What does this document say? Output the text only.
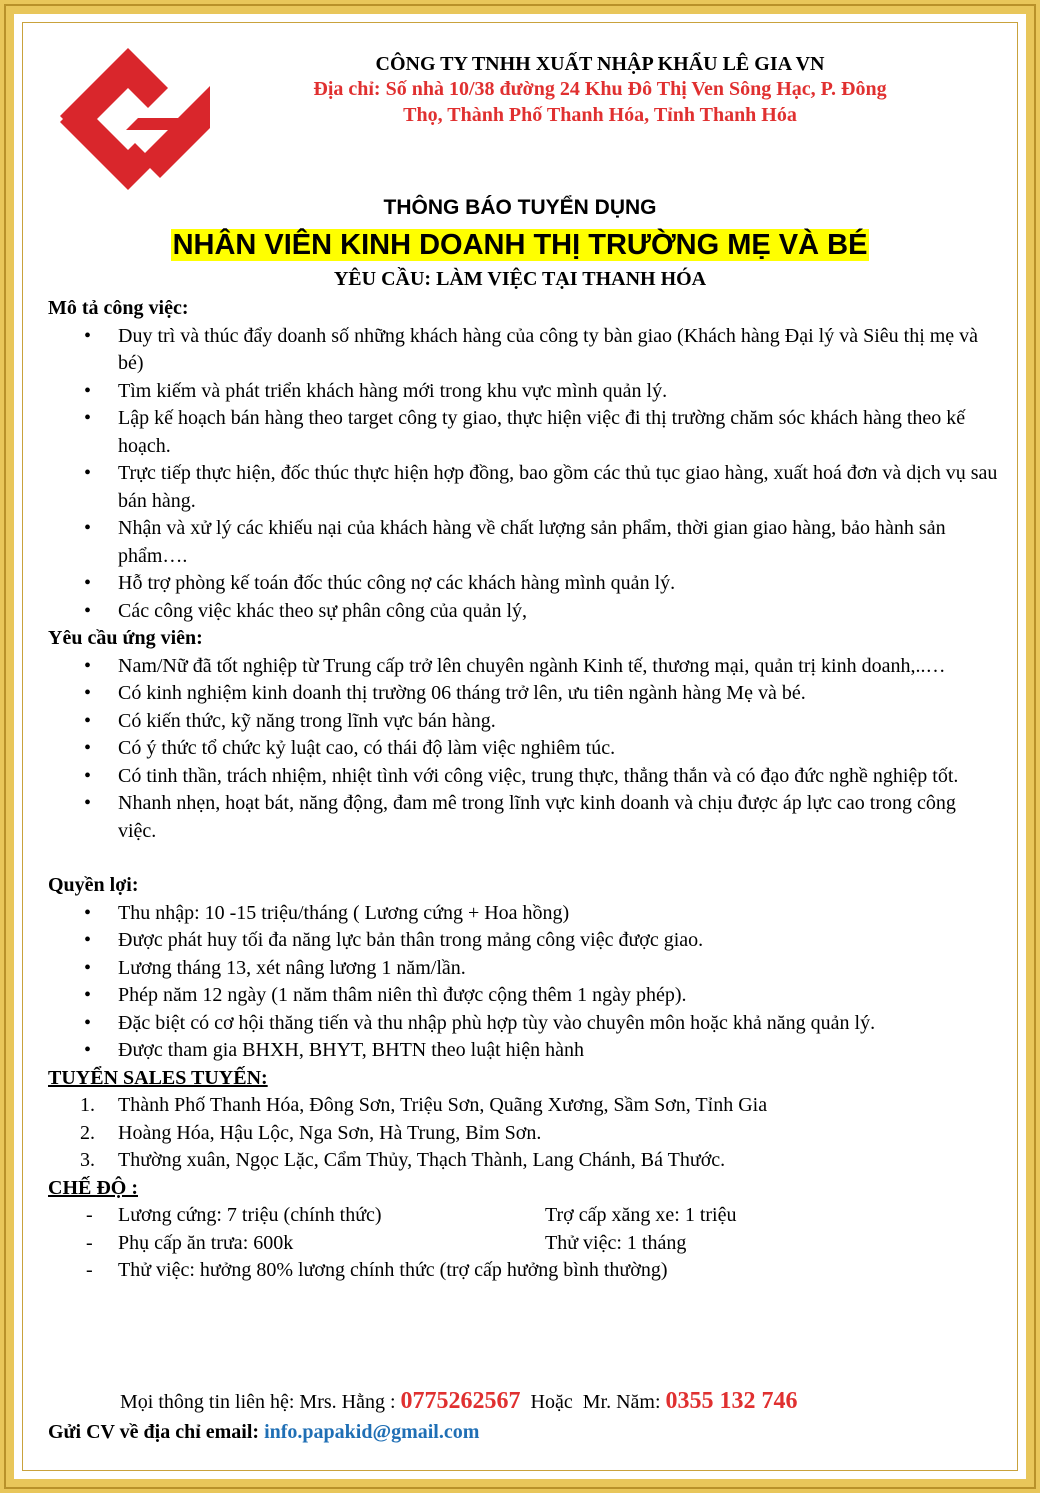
CÔNG TY TNHH XUẤT NHẬP KHẨU LÊ GIA VN
Địa chỉ: Số nhà 10/38 đường 24 Khu Đô Thị Ven Sông Hạc, P. Đông
Thọ, Thành Phố Thanh Hóa, Tỉnh Thanh Hóa
THÔNG BÁO TUYỂN DỤNG
NHÂN VIÊN KINH DOANH THỊ TRƯỜNG MẸ VÀ BÉ
YÊU CẦU: LÀM VIỆC TẠI THANH HÓA
Mô tả công việc:
• Duy trì và thúc đẩy doanh số những khách hàng của công ty bàn giao (Khách hàng Đại lý và Siêu thị mẹ và bé)
• Tìm kiếm và phát triển khách hàng mới trong khu vực mình quản lý.
• Lập kế hoạch bán hàng theo target công ty giao, thực hiện việc đi thị trường chăm sóc khách hàng theo kế hoạch.
• Trực tiếp thực hiện, đốc thúc thực hiện hợp đồng, bao gồm các thủ tục giao hàng, xuất hoá đơn và dịch vụ sau bán hàng.
• Nhận và xử lý các khiếu nại của khách hàng về chất lượng sản phẩm, thời gian giao hàng, bảo hành sản phẩm….
• Hỗ trợ phòng kế toán đốc thúc công nợ các khách hàng mình quản lý.
• Các công việc khác theo sự phân công của quản lý,
Yêu cầu ứng viên:
• Nam/Nữ đã tốt nghiệp từ Trung cấp trở lên chuyên ngành Kinh tế, thương mại, quản trị kinh doanh,..…
• Có kinh nghiệm kinh doanh thị trường 06 tháng trở lên, ưu tiên ngành hàng Mẹ và bé.
• Có kiến thức, kỹ năng trong lĩnh vực bán hàng.
• Có ý thức tổ chức kỷ luật cao, có thái độ làm việc nghiêm túc.
• Có tinh thần, trách nhiệm, nhiệt tình với công việc, trung thực, thẳng thắn và có đạo đức nghề nghiệp tốt.
• Nhanh nhẹn, hoạt bát, năng động, đam mê trong lĩnh vực kinh doanh và chịu được áp lực cao trong công việc.
Quyền lợi:
• Thu nhập: 10 -15 triệu/tháng ( Lương cứng + Hoa hồng)
• Được phát huy tối đa năng lực bản thân trong mảng công việc được giao.
• Lương tháng 13, xét nâng lương 1 năm/lần.
• Phép năm 12 ngày (1 năm thâm niên thì được cộng thêm 1 ngày phép).
• Đặc biệt có cơ hội thăng tiến và thu nhập phù hợp tùy vào chuyên môn hoặc khả năng quản lý.
• Được tham gia BHXH, BHYT, BHTN theo luật hiện hành
TUYỂN SALES TUYẾN:
1. Thành Phố Thanh Hóa, Đông Sơn, Triệu Sơn, Quãng Xương, Sầm Sơn, Tỉnh Gia
2. Hoàng Hóa, Hậu Lộc, Nga Sơn, Hà Trung, Bỉm Sơn.
3. Thường xuân, Ngọc Lặc, Cẩm Thủy, Thạch Thành, Lang Chánh, Bá Thước.
CHẾ ĐỘ :
- Lương cứng: 7 triệu (chính thức)	Trợ cấp xăng xe: 1 triệu
- Phụ cấp ăn trưa: 600k	Thử việc: 1 tháng
- Thử việc: hưởng 80% lương chính thức (trợ cấp hưởng bình thường)
Mọi thông tin liên hệ: Mrs. Hằng : 0775262567  Hoặc  Mr. Năm: 0355 132 746
Gửi CV về địa chỉ email: info.papakid@gmail.com
